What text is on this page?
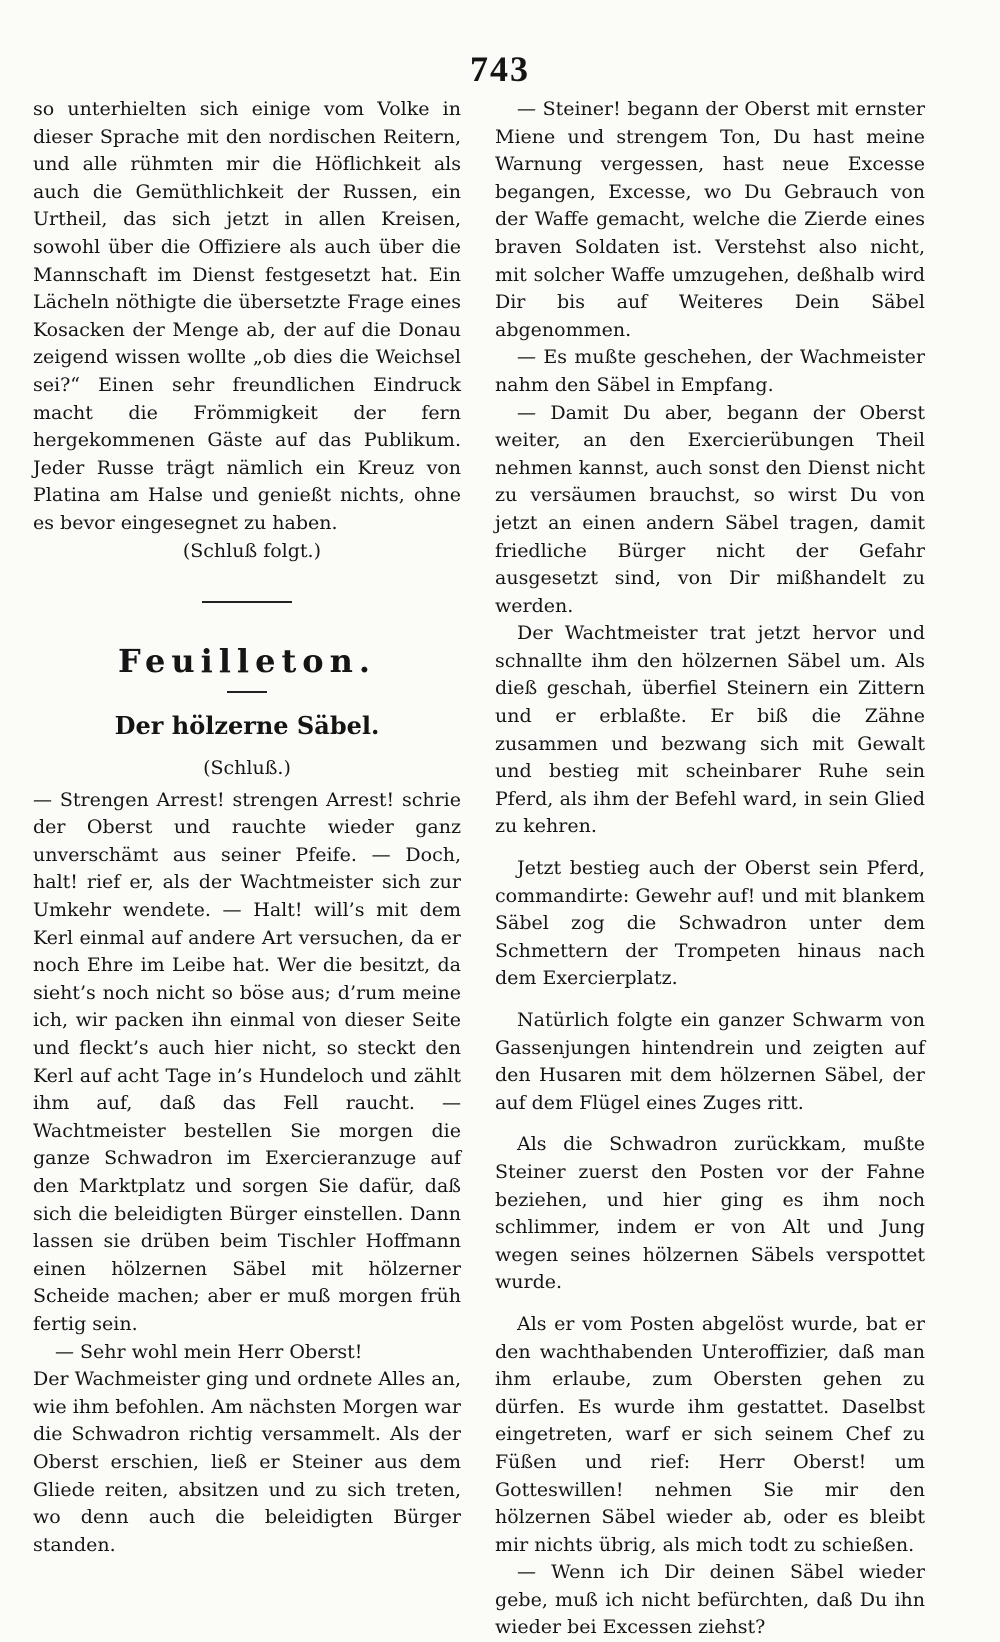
743

so unterhielten sich einige vom Volke in dieser Sprache mit den nordischen Reitern, und alle rühmten mir die Höflichkeit als auch die Gemüthlichkeit der Russen, ein Urtheil, das sich jetzt in allen Kreisen, sowohl über die Offiziere als auch über die Mannschaft im Dienst festgesetzt hat. Ein Lächeln nöthigte die übersetzte Frage eines Kosacken der Menge ab, der auf die Donau zeigend wissen wollte „ob dies die Weichsel sei?“ Einen sehr freundlichen Eindruck macht die Frömmigkeit der fern hergekommenen Gäste auf das Publikum. Jeder Russe trägt nämlich ein Kreuz von Platina am Halse und genießt nichts, ohne es bevor eingesegnet zu haben.

(Schluß folgt.)

Feuilleton.
Der hölzerne Säbel.

(Schluß.)

— Strengen Arrest! strengen Arrest! schrie der Oberst und rauchte wieder ganz unverschämt aus seiner Pfeife. — Doch, halt! rief er, als der Wachtmeister sich zur Umkehr wendete. — Halt! will’s mit dem Kerl einmal auf andere Art versuchen, da er noch Ehre im Leibe hat. Wer die besitzt, da sieht’s noch nicht so böse aus; d’rum meine ich, wir packen ihn einmal von dieser Seite und fleckt’s auch hier nicht, so steckt den Kerl auf acht Tage in’s Hundeloch und zählt ihm auf, daß das Fell raucht. — Wachtmeister bestellen Sie morgen die ganze Schwadron im Exercieranzuge auf den Marktplatz und sorgen Sie dafür, daß sich die beleidigten Bürger einstellen. Dann lassen sie drüben beim Tischler Hoffmann einen hölzernen Säbel mit hölzerner Scheide machen; aber er muß morgen früh fertig sein.

— Sehr wohl mein Herr Oberst!

Der Wachmeister ging und ordnete Alles an, wie ihm befohlen. Am nächsten Morgen war die Schwadron richtig versammelt. Als der Oberst erschien, ließ er Steiner aus dem Gliede reiten, absitzen und zu sich treten, wo denn auch die beleidigten Bürger standen.

— Steiner! begann der Oberst mit ernster Miene und strengem Ton, Du hast meine Warnung vergessen, hast neue Excesse begangen, Excesse, wo Du Gebrauch von der Waffe gemacht, welche die Zierde eines braven Soldaten ist. Verstehst also nicht, mit solcher Waffe umzugehen, deßhalb wird Dir bis auf Weiteres Dein Säbel abgenommen.

— Es mußte geschehen, der Wachmeister nahm den Säbel in Empfang.

— Damit Du aber, begann der Oberst weiter, an den Exercierübungen Theil nehmen kannst, auch sonst den Dienst nicht zu versäumen brauchst, so wirst Du von jetzt an einen andern Säbel tragen, damit friedliche Bürger nicht der Gefahr ausgesetzt sind, von Dir mißhandelt zu werden.

Der Wachtmeister trat jetzt hervor und schnallte ihm den hölzernen Säbel um. Als dieß geschah, überfiel Steinern ein Zittern und er erblaßte. Er biß die Zähne zusammen und bezwang sich mit Gewalt und bestieg mit scheinbarer Ruhe sein Pferd, als ihm der Befehl ward, in sein Glied zu kehren.

Jetzt bestieg auch der Oberst sein Pferd, commandirte: Gewehr auf! und mit blankem Säbel zog die Schwadron unter dem Schmettern der Trompeten hinaus nach dem Exercierplatz.

Natürlich folgte ein ganzer Schwarm von Gassenjungen hintendrein und zeigten auf den Husaren mit dem hölzernen Säbel, der auf dem Flügel eines Zuges ritt.

Als die Schwadron zurückkam, mußte Steiner zuerst den Posten vor der Fahne beziehen, und hier ging es ihm noch schlimmer, indem er von Alt und Jung wegen seines hölzernen Säbels verspottet wurde.

Als er vom Posten abgelöst wurde, bat er den wachthabenden Unteroffizier, daß man ihm erlaube, zum Obersten gehen zu dürfen. Es wurde ihm gestattet. Daselbst eingetreten, warf er sich seinem Chef zu Füßen und rief: Herr Oberst! um Gotteswillen! nehmen Sie mir den hölzernen Säbel wieder ab, oder es bleibt mir nichts übrig, als mich todt zu schießen.

— Wenn ich Dir deinen Säbel wieder gebe, muß ich nicht befürchten, daß Du ihn wieder bei Excessen ziehst?
